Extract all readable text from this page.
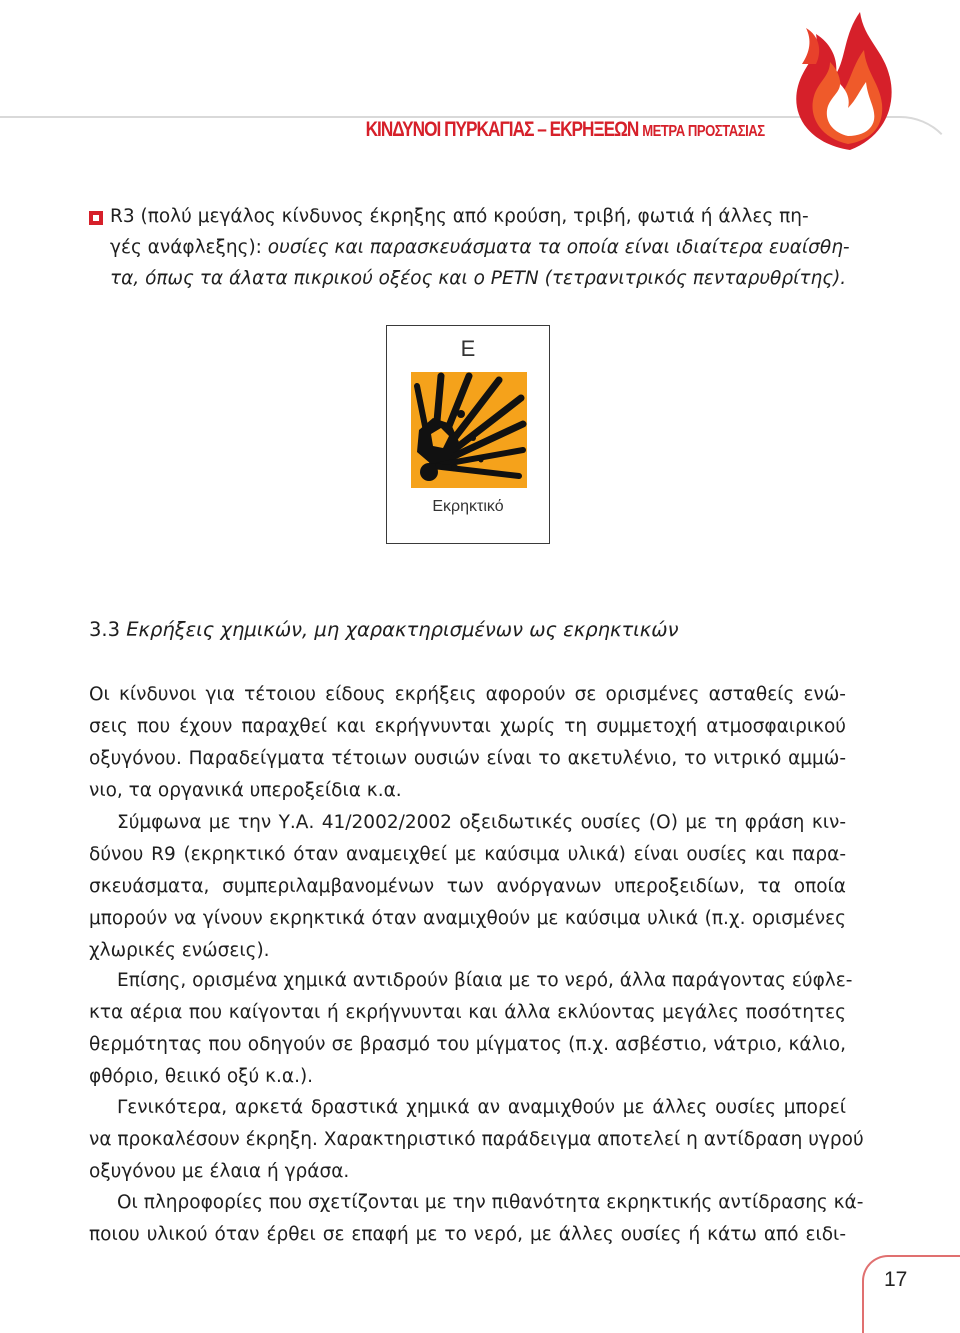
ΚΙΝΔΥΝΟΙ ΠΥΡΚΑΓΙΑΣ – ΕΚΡΗΞΕΩΝ ΜΕΤΡΑ ΠΡΟΣΤΑΣΙΑΣ
R3 (πολύ μεγάλος κίνδυνος έκρηξης από κρούση, τριβή, φωτιά ή άλλες πη-
γές ανάφλεξης): ουσίες και παρασκευάσματα τα οποία είναι ιδιαίτερα ευαίσθη-
τα, όπως τα άλατα πικρικού οξέος και ο PETN (τετρανιτρικός πενταρυθρίτης).
E
Εκρηκτικό
3.3 Εκρήξεις χημικών, μη χαρακτηρισμένων ως εκρηκτικών
Οι κίνδυνοι για τέτοιου είδους εκρήξεις αφορούν σε ορισμένες ασταθείς ενώ-
σεις που έχουν παραχθεί και εκρήγνυνται χωρίς τη συμμετοχή ατμοσφαιρικού
οξυγόνου. Παραδείγματα τέτοιων ουσιών είναι το ακετυλένιο, το νιτρικό αμμώ-
νιο, τα οργανικά υπεροξείδια κ.α.
Σύμφωνα με την Υ.Α. 41/2002/2002 οξειδωτικές ουσίες (Ο) με τη φράση κιν-
δύνου R9 (εκρηκτικό όταν αναμειχθεί με καύσιμα υλικά) είναι ουσίες και παρα-
σκευάσματα, συμπεριλαμβανομένων των ανόργανων υπεροξειδίων, τα οποία
μπορούν να γίνουν εκρηκτικά όταν αναμιχθούν με καύσιμα υλικά (π.χ. ορισμένες
χλωρικές ενώσεις).
Επίσης, ορισμένα χημικά αντιδρούν βίαια με το νερό, άλλα παράγοντας εύφλε-
κτα αέρια που καίγονται ή εκρήγνυνται και άλλα εκλύοντας μεγάλες ποσότητες
θερμότητας που οδηγούν σε βρασμό του μίγματος (π.χ. ασβέστιο, νάτριο, κάλιο,
φθόριο, θειικό οξύ κ.α.).
Γενικότερα, αρκετά δραστικά χημικά αν αναμιχθούν με άλλες ουσίες μπορεί
να προκαλέσουν έκρηξη. Χαρακτηριστικό παράδειγμα αποτελεί η αντίδραση υγρού
οξυγόνου με έλαια ή γράσα.
Οι πληροφορίες που σχετίζονται με την πιθανότητα εκρηκτικής αντίδρασης κά-
ποιου υλικού όταν έρθει σε επαφή με το νερό, με άλλες ουσίες ή κάτω από ειδι-
17
